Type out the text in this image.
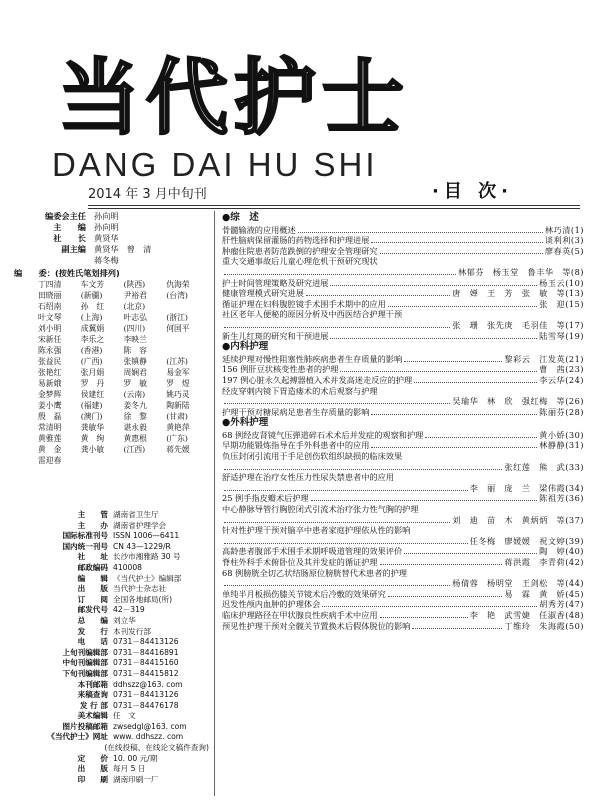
当代护士
DANG DAI HU SHI
2014 年 3 月中旬刊	·目 次·
编委会主任 孙向明
主　　编 孙向明
社　　长 黄贤华
副主编 黄贤华　曾　清
蒋冬梅
编　　委：(按姓氏笔划排列)
丁四清	车文芳	(陕西)	仇海荣
田晓丽	(新疆)	尹裕君	(台湾)
石绍南	孙　红	(北京)
叶文琴	(上海)	叶志弘	(浙江)
刘小明	成翼娟	(四川)	何国平
宋新任	李乐之	李映兰
陈永强	(香港)	陈　容
张益民	(广西)	张镇静	(江苏)
张艳红	张月娟	周娴君	易金军
易新娥	罗　丹	罗　敏	罗　煜
金梦辉	侯建红	(云南)	姚巧灵
姜小鹰	(福建)	姜冬九	陶新陆
殷　磊	(澳门)	徐　黎	(甘肃)
常清明	龚敏华	谌永毅	黄艳萍
黄雅莲	黄　绚	黄惠根	(广东)
黄　金	龚小敏	(江西)	蒋先媛
雷迎春
主　　管 湖南省卫生厅
主　　办 湖南省护理学会
国际标准刊号 ISSN 1006—6411
国内统一刊号 CN 43—1229/R
社　　址 长沙市湘雅路 30 号
邮政编码 410008
编　　辑 《当代护士》编辑部
出　　版 当代护士杂志社
订　　阅 全国各地邮局(所)
邮发代号 42－319
总　　编 刘立华
发　　行 本刊发行部
电　　话 0731－84413126
上旬刊编辑部 0731－84416891
中旬刊编辑部 0731－84415160
下旬刊编辑部 0731－84415812
本刊邮箱 ddhszz@163. com
来稿查询 0731－84413126
发 行 部 0731－84476178
美术编辑 任　文
图片投稿邮箱 zwsedgl@163. com
《当代护士》网址 www. ddhszz. com
(在线投稿、在线论文稿件查询)
定　　价 10. 00 元/期
出　　版 每月 5 日
印　　刷 湖南印刷一厂
●综　述
骨髓输液的应用概述	林巧清(1)
肝性脑病保留灌肠的药物选择和护理进展	谈利利(3)
肿瘤住院患者防范跌倒的护理安全管理研究	廖春英(5)
重大交通事故后儿童心理危机干预研究现状
林郁芬　杨玉堂　鲁丰华　等(8)
护士时间管理策略及研究进展	杨玉云(10)
健康管理模式研究进展	唐　婵　王　芳　张　敏　等(13)
循证护理在妇科腹腔镜手术围手术期中的应用	张　迎(15)
社区老年人便秘的原因分析及中西医结合护理干预
张　珊　张先庚　毛羽佳　等(17)
新生儿红斑的研究和干预进展	陆雪琴(19)
●内科护理
延续护理对慢性阻塞性肺疾病患者生存质量的影响	黎彩云　江发英(21)
156 例肝豆状核变性患者的护理	曹　茜(23)
197 例心脏永久起搏器植入术并发高迷走反应的护理	李云华(24)
经皮穿刺内镜下胃造瘘术的术后观察与护理
吴瑜华　林　欣　强红梅　等(26)
护理干预对糖尿病足患者生存质量的影响	陈丽芬(28)
●外科护理
68 例经皮肾镜气压弹道碎石术术后并发症的观察和护理	黄小娇(30)
早期功能锻炼指导在手外科患者中的应用	林静静(31)
负压封闭引流用于手足创伤软组织缺损的临床效果
张红莲　熊　武(33)
舒适护理在治疗女性压力性尿失禁患者中的应用
李　丽　庞　兰　梁伟霞(34)
25 例手指皮瓣术后护理	陈祖芳(36)
中心静脉导管行胸腔闭式引流术治疗张力性气胸的护理
刘　迪　苗　木　黄炳炳　等(37)
针对性护理干预对脑卒中患者家庭护理依从性的影响
任冬梅　廖媛媛　祝文婷(39)
高龄患者腹部手术围手术期呼吸道管理的效果评价	陶　婷(40)
脊柱外科手术俯卧位及其并发症的循证护理	蒋洪霞　李青荷(42)
68 例膀胱全切乙状结肠原位膀胱替代术患者的护理
杨倩蓉　杨明堂　王剑松　等(44)
单纯半月板损伤膝关节镜术后冷敷的效果研究	易　霖　黄　娇(45)
迟发性颅内血肿的护理体会	胡秀芳(47)
临床护理路径在甲状腺良性疾病手术中应用	李　艳　武雪婕　任淑香(48)
预见性护理干预对全髋关节置换术后假体脱位的影响	丁维玲　朱海霞(50)
